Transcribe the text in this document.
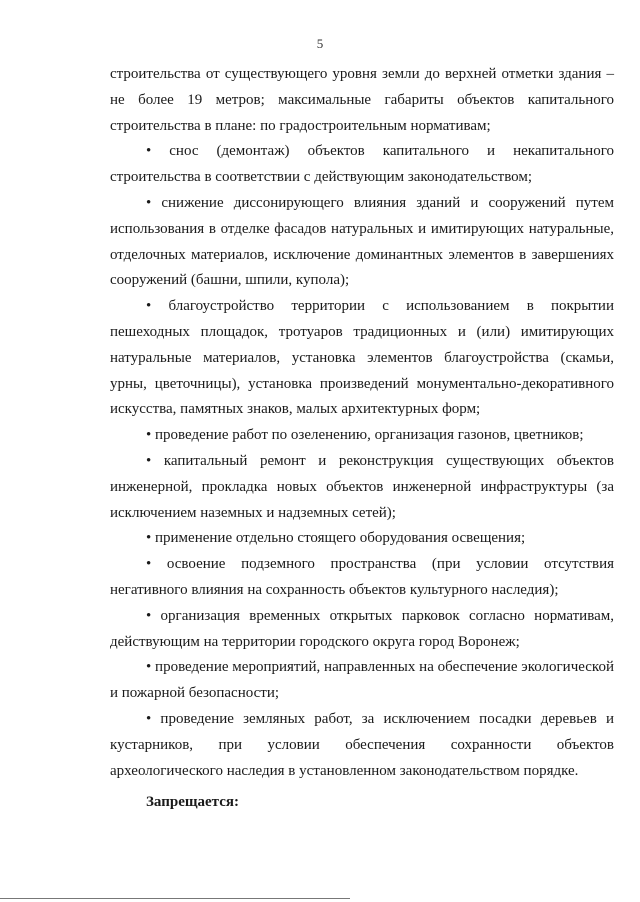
5

строительства от существующего уровня земли до верхней отметки здания – не более 19 метров; максимальные габариты объектов капитального строительства в плане: по градостроительным нормативам;

• снос (демонтаж) объектов капитального и некапитального строительства в соответствии с действующим законодательством;

• снижение диссонирующего влияния зданий и сооружений путем использования в отделке фасадов натуральных и имитирующих натуральные, отделочных материалов, исключение доминантных элементов в завершениях сооружений (башни, шпили, купола);

• благоустройство территории с использованием в покрытии пешеходных площадок, тротуаров традиционных и (или) имитирующих натуральные материалов, установка элементов благоустройства (скамьи, урны, цветочницы), установка произведений монументально-декоративного искусства, памятных знаков, малых архитектурных форм;

• проведение работ по озеленению, организация газонов, цветников;

• капитальный ремонт и реконструкция существующих объектов инженерной, прокладка новых объектов инженерной инфраструктуры (за исключением наземных и надземных сетей);

• применение отдельно стоящего оборудования освещения;

• освоение подземного пространства (при условии отсутствия негативного влияния на сохранность объектов культурного наследия);

• организация временных открытых парковок согласно нормативам, действующим на территории городского округа город Воронеж;

• проведение мероприятий, направленных на обеспечение экологической и пожарной безопасности;

• проведение земляных работ, за исключением посадки деревьев и кустарников, при условии обеспечения сохранности объектов археологического наследия в установленном законодательством порядке.

Запрещается:
